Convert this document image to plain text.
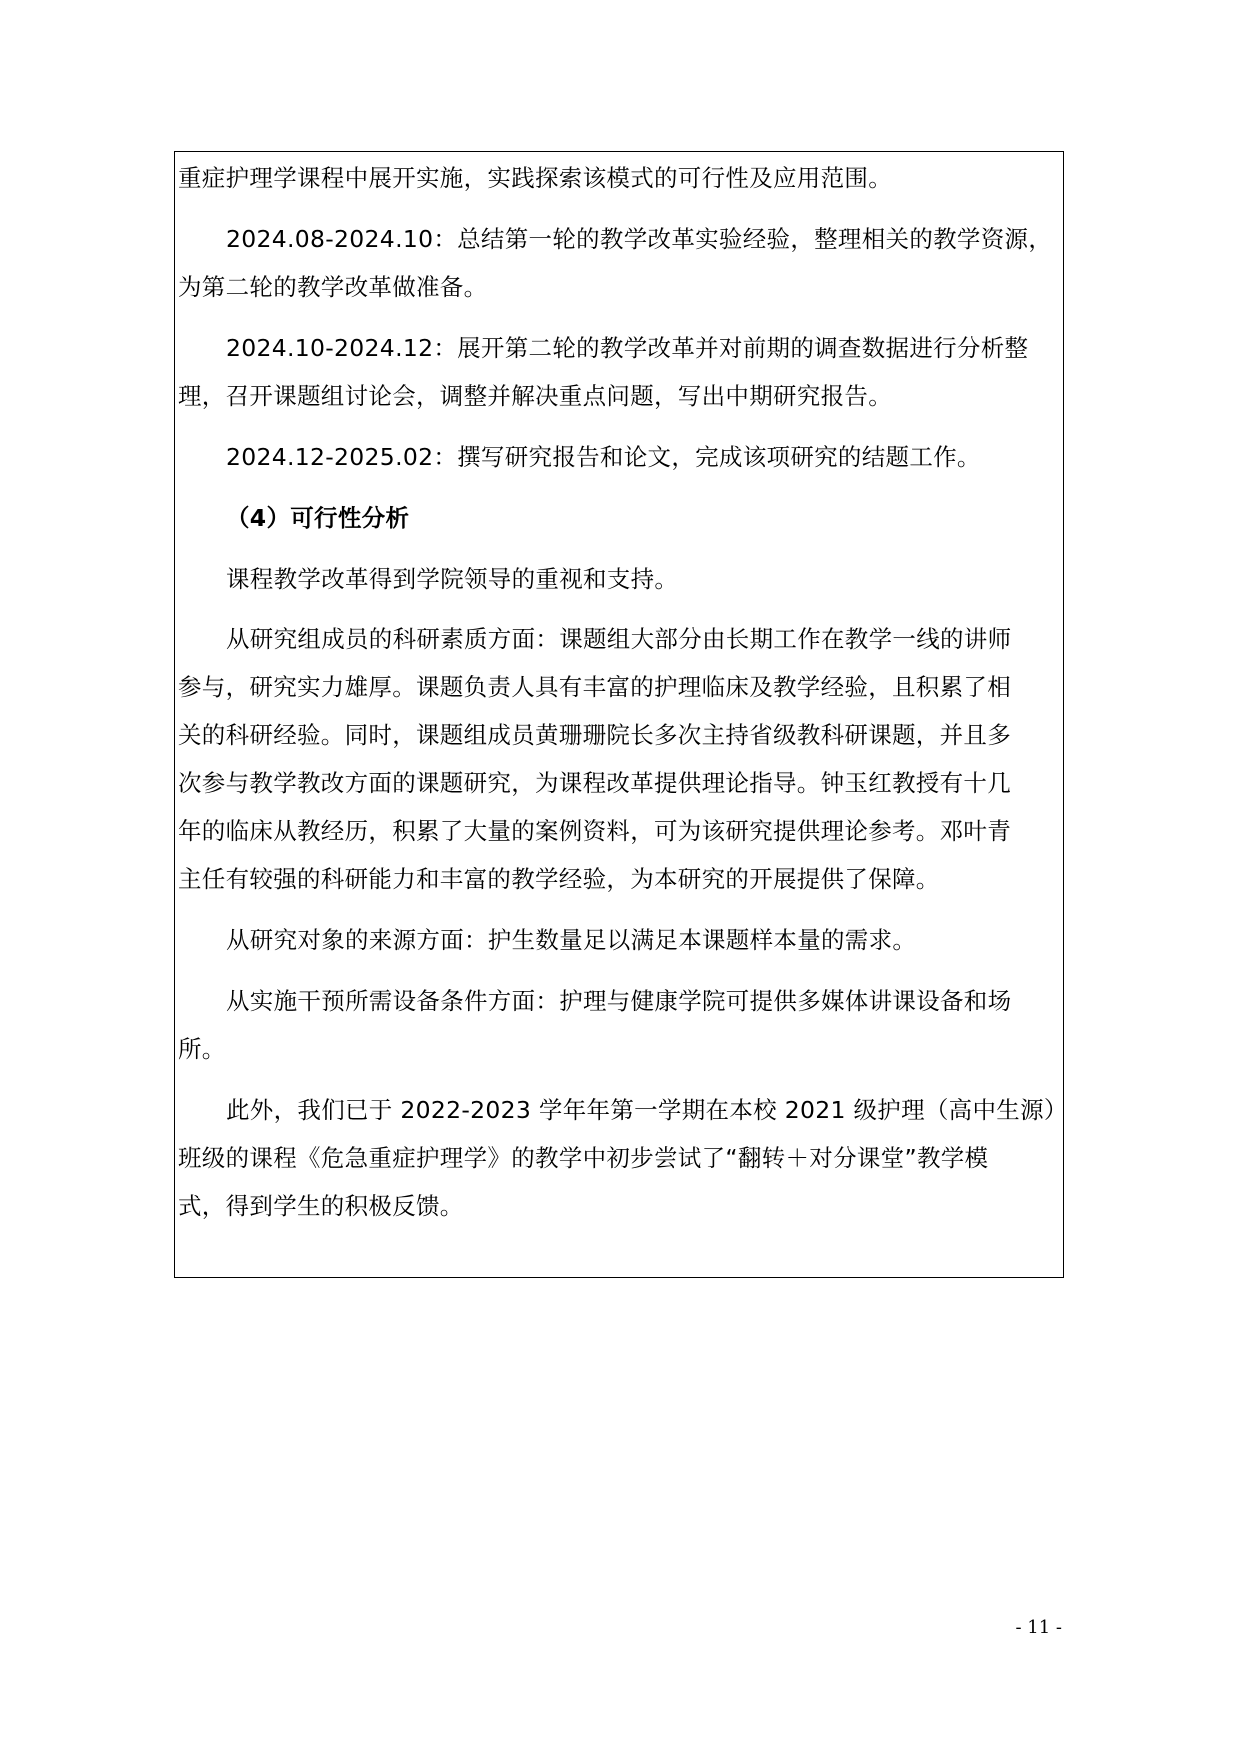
重症护理学课程中展开实施，实践探索该模式的可行性及应用范围。
2024.08-2024.10：总结第一轮的教学改革实验经验，整理相关的教学资源，
为第二轮的教学改革做准备。
2024.10-2024.12：展开第二轮的教学改革并对前期的调查数据进行分析整
理，召开课题组讨论会，调整并解决重点问题，写出中期研究报告。
2024.12-2025.02：撰写研究报告和论文，完成该项研究的结题工作。
（4）可行性分析
课程教学改革得到学院领导的重视和支持。
从研究组成员的科研素质方面：课题组大部分由长期工作在教学一线的讲师
参与，研究实力雄厚。课题负责人具有丰富的护理临床及教学经验，且积累了相
关的科研经验。同时，课题组成员黄珊珊院长多次主持省级教科研课题，并且多
次参与教学教改方面的课题研究，为课程改革提供理论指导。钟玉红教授有十几
年的临床从教经历，积累了大量的案例资料，可为该研究提供理论参考。邓叶青
主任有较强的科研能力和丰富的教学经验，为本研究的开展提供了保障。
从研究对象的来源方面：护生数量足以满足本课题样本量的需求。
从实施干预所需设备条件方面：护理与健康学院可提供多媒体讲课设备和场
所。
此外，我们已于 2022-2023 学年年第一学期在本校 2021 级护理（高中生源）
班级的课程《危急重症护理学》的教学中初步尝试了“翻转＋对分课堂”教学模
式，得到学生的积极反馈。
- 11 -
